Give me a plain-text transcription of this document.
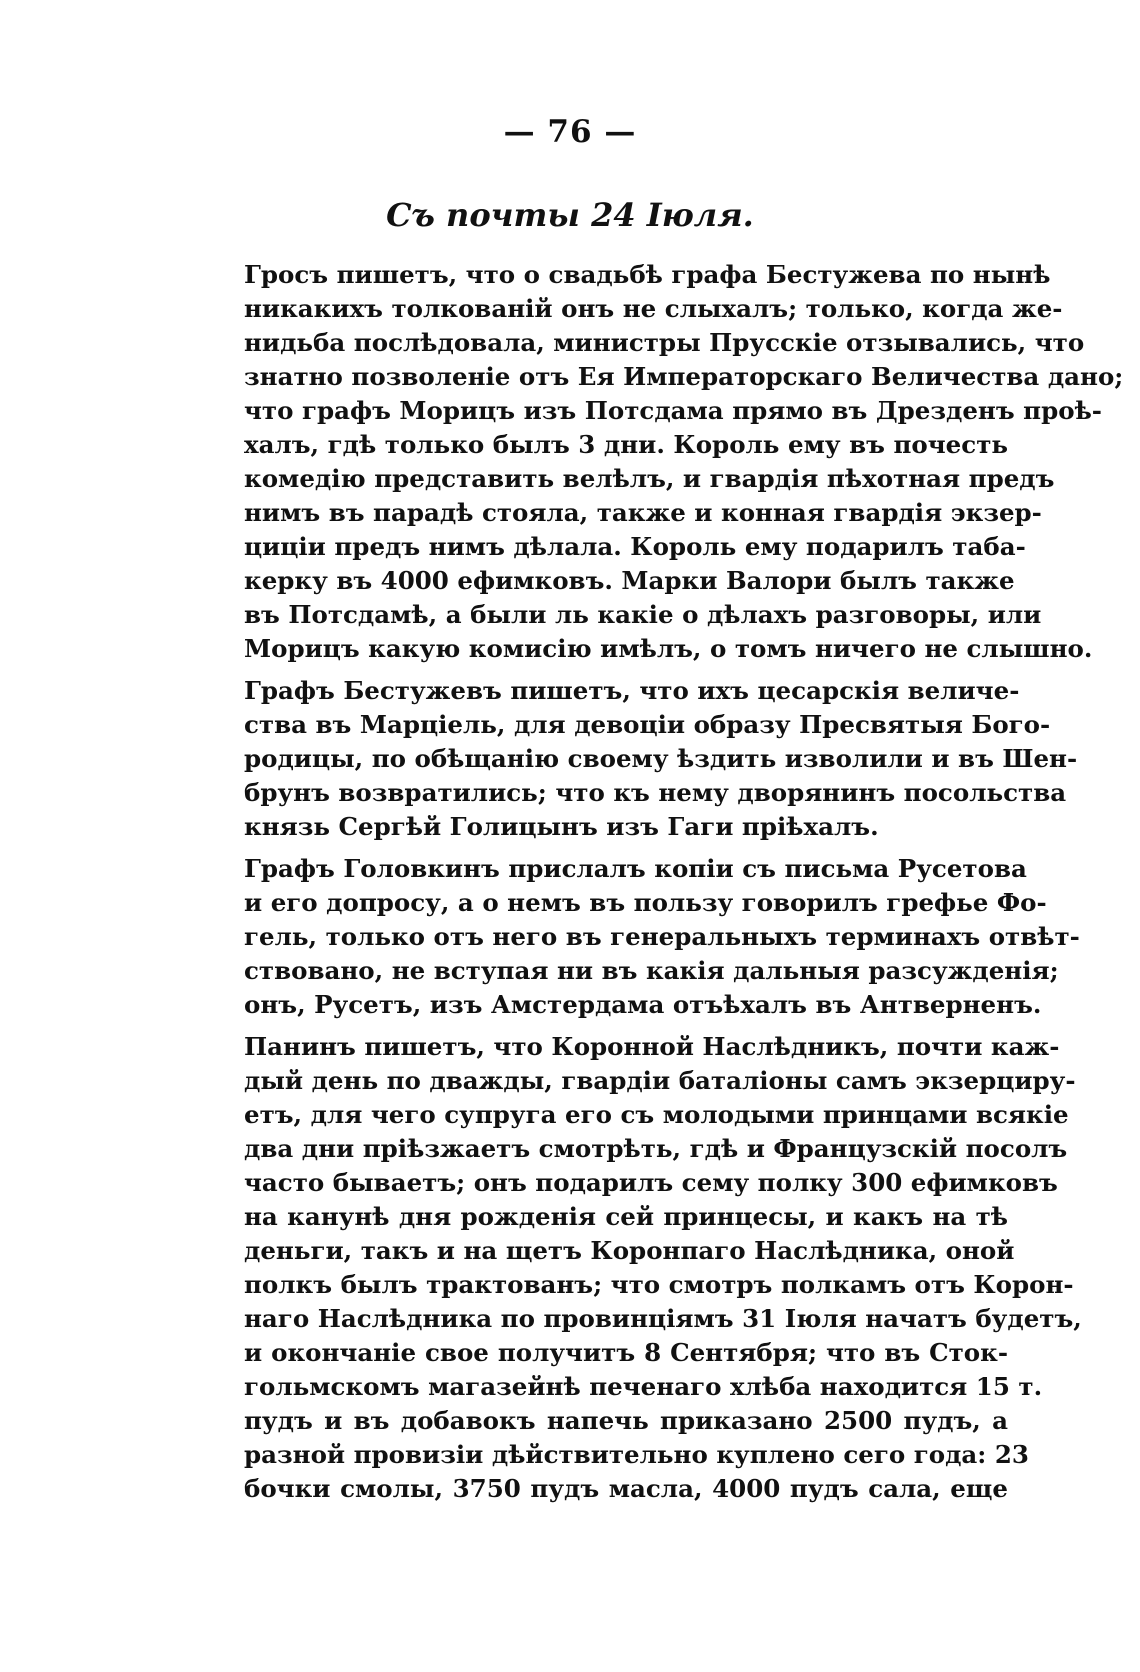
— 76 —
Съ почты 24 Іюля.
Гросъ пишетъ, что о свадьбѣ графа Бестужева по нынѣ
никакихъ толкованій онъ не слыхалъ; только, когда же-
нидьба послѣдовала, министры Прусскіе отзывались, что
знатно позволеніе отъ Ея Императорскаго Величества дано;
что графъ Морицъ изъ Потсдама прямо въ Дрезденъ проѣ-
халъ, гдѣ только былъ 3 дни. Король ему въ почесть
комедію представить велѣлъ, и гвардія пѣхотная предъ
нимъ въ парадѣ стояла, также и конная гвардія экзер-
циціи предъ нимъ дѣлала. Король ему подарилъ таба-
керку въ 4000 ефимковъ. Марки Валори былъ также
въ Потсдамѣ, а были ль какіе о дѣлахъ разговоры, или
Морицъ какую комисію имѣлъ, о томъ ничего не слышно.
Графъ Бестужевъ пишетъ, что ихъ цесарскія величе-
ства въ Марціель, для девоціи образу Пресвятыя Бого-
родицы, по обѣщанію своему ѣздить изволили и въ Шен-
брунъ возвратились; что къ нему дворянинъ посольства
князь Сергѣй Голицынъ изъ Гаги пріѣхалъ.
Графъ Головкинъ прислалъ копіи съ письма Русетова
и его допросу, а о немъ въ пользу говорилъ грефье Фо-
гель, только отъ него въ генеральныхъ терминахъ отвѣт-
ствовано, не вступая ни въ какія дальныя разсужденія;
онъ, Русетъ, изъ Амстердама отъѣхалъ въ Антверненъ.
Панинъ пишетъ, что Коронной Наслѣдникъ, почти каж-
дый день по дважды, гвардіи баталіоны самъ экзерциру-
етъ, для чего супруга его съ молодыми принцами всякіе
два дни пріѣзжаетъ смотрѣть, гдѣ и Французскій посолъ
часто бываетъ; онъ подарилъ сему полку 300 ефимковъ
на канунѣ дня рожденія сей принцесы, и какъ на тѣ
деньги, такъ и на щетъ Коронпаго Наслѣдника, оной
полкъ былъ трактованъ; что смотръ полкамъ отъ Корон-
наго Наслѣдника по провинціямъ 31 Іюля начатъ будетъ,
и окончаніе свое получитъ 8 Сентября; что въ Сток-
гольмскомъ магазейнѣ печенаго хлѣба находится 15 т.
пудъ и въ добавокъ напечь приказано 2500 пудъ, а
разной провизіи дѣйствительно куплено сего года: 23
бочки смолы, 3750 пудъ масла, 4000 пудъ сала, еще
